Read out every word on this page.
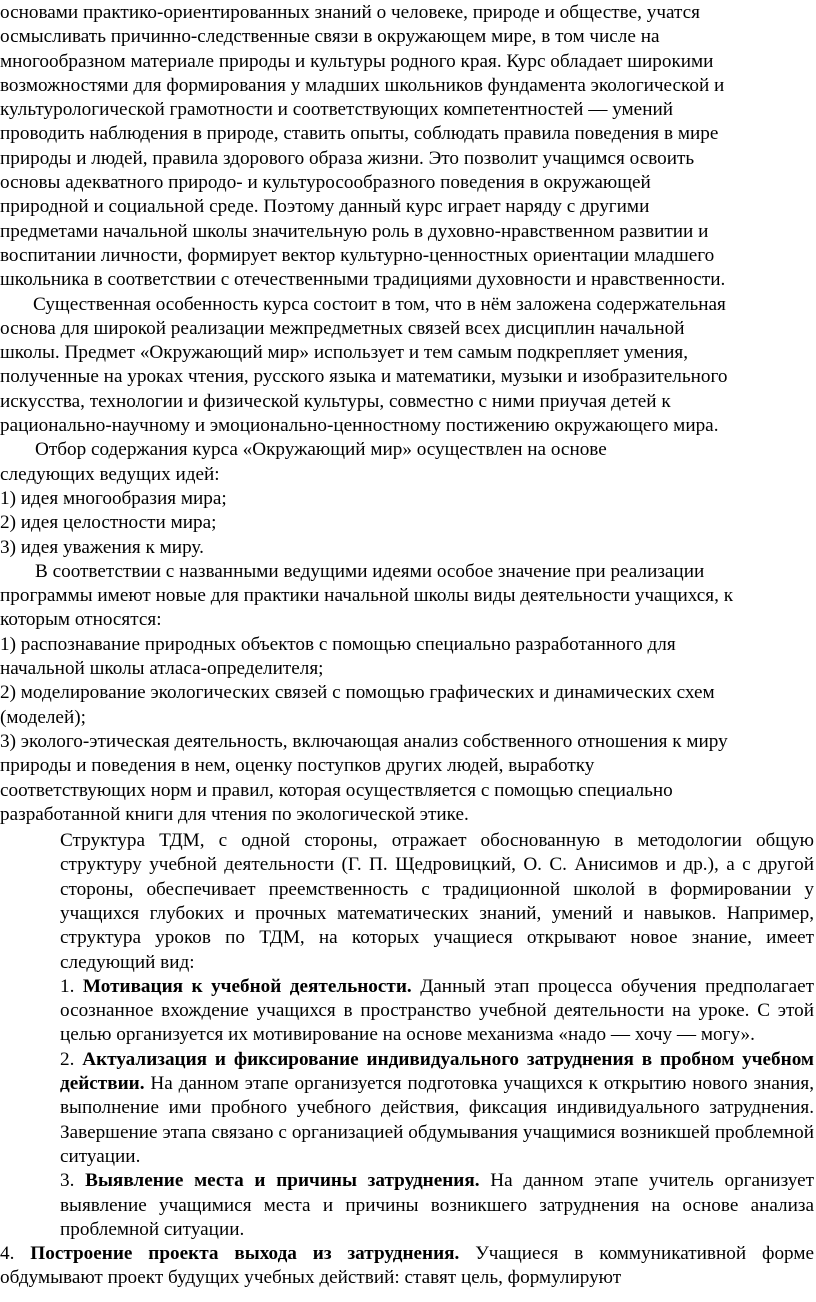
основами практико-ориентированных знаний о человеке, природе и обществе, учатся
осмысливать причинно-следственные связи в окружающем мире, в том числе на
многообразном материале природы и культуры родного края. Курс обладает широкими
возможностями для формирования у младших школьников фундамента экологической и
культурологической грамотности и соответствующих компетентностей — умений
проводить наблюдения в природе, ставить опыты, соблюдать правила поведения в мире
природы и людей, правила здорового образа жизни. Это позволит учащимся освоить
основы адекватного природо- и культуросообразного поведения в окружающей
природной и социальной среде. Поэтому данный курс играет наряду с другими
предметами начальной школы значительную роль в духовно-нравственном развитии и
воспитании личности, формирует вектор культурно-ценностных ориентации младшего
школьника в соответствии с отечественными традициями духовности и нравственности.
Существенная особенность курса состоит в том, что в нём заложена содержательная
основа для широкой реализации межпредметных связей всех дисциплин начальной
школы. Предмет «Окружающий мир» использует и тем самым подкрепляет умения,
полученные на уроках чтения, русского языка и математики, музыки и изобразительного
искусства, технологии и физической культуры, совместно с ними приучая детей к
рационально-научному и эмоционально-ценностному постижению окружающего мира.
Отбор содержания курса «Окружающий мир» осуществлен на основе
следующих ведущих идей:
1) идея многообразия мира;
2) идея целостности мира;
3) идея уважения к миру.
В соответствии с названными ведущими идеями особое значение при реализации
программы имеют новые для практики начальной школы виды деятельности учащихся, к
которым относятся:
1) распознавание природных объектов с помощью специально разработанного для
начальной школы атласа-определителя;
2) моделирование экологических связей с помощью графических и динамических схем
(моделей);
3) эколого-этическая деятельность, включающая анализ собственного отношения к миру
природы и поведения в нем, оценку поступков других людей, выработку
соответствующих норм и правил, которая осуществляется с помощью специально
разработанной книги для чтения по экологической этике.

Структура ТДМ, с одной стороны, отражает обоснованную в методологии общую структуру учебной деятельности (Г. П. Щедровицкий, О. С. Анисимов и др.), а с другой стороны, обеспечивает преемственность с традиционной школой в формировании у учащихся глубоких и прочных математических знаний, умений и навыков. Например, структура уроков по ТДМ, на которых учащиеся открывают новое знание, имеет следующий вид:

1. Мотивация к учебной деятельности. Данный этап процесса обучения предполагает осознанное вхождение учащихся в пространство учебной деятельности на уроке. С этой целью организуется их мотивирование на основе механизма «надо — хочу — могу».

2. Актуализация и фиксирование индивидуального затруднения в пробном учебном действии. На данном этапе организуется подготовка учащихся к открытию нового знания, выполнение ими пробного учебного действия, фиксация индивидуального затруднения. Завершение этапа связано с организацией обдумывания учащимися возникшей проблемной ситуации.

3. Выявление места и причины затруднения. На данном этапе учитель организует выявление учащимися места и причины возникшего затруднения на основе анализа проблемной ситуации.

4. Построение проекта выхода из затруднения. Учащиеся в коммуникативной форме обдумывают проект будущих учебных действий: ставят цель, формулируют
